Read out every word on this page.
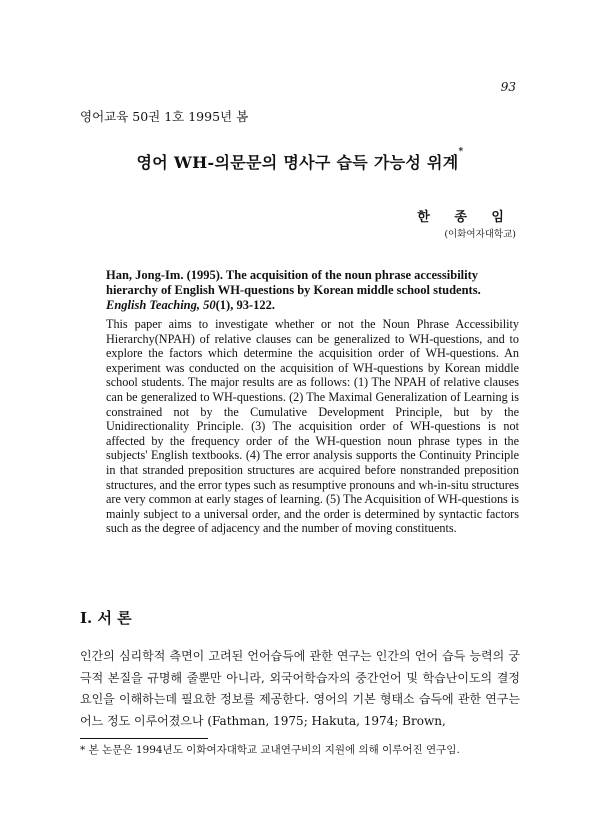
93
영어교육 50권 1호 1995년 봄
영어 WH-의문문의 명사구 습득 가능성 위계*
한 종 임
(이화여자대학교)
Han, Jong-Im. (1995). The acquisition of the noun phrase accessibility hierarchy of English WH-questions by Korean middle school students. English Teaching, 50(1), 93-122.
This paper aims to investigate whether or not the Noun Phrase Accessibility Hierarchy(NPAH) of relative clauses can be generalized to WH-questions, and to explore the factors which determine the acquisition order of WH-questions. An experiment was conducted on the acquisition of WH-questions by Korean middle school students. The major results are as follows: (1) The NPAH of relative clauses can be generalized to WH-questions. (2) The Maximal Generalization of Learning is constrained not by the Cumulative Development Principle, but by the Unidirectionality Principle. (3) The acquisition order of WH-questions is not affected by the frequency order of the WH-question noun phrase types in the subjects' English textbooks. (4) The error analysis supports the Continuity Principle in that stranded preposition structures are acquired before nonstranded preposition structures, and the error types such as resumptive pronouns and wh-in-situ structures are very common at early stages of learning. (5) The Acquisition of WH-questions is mainly subject to a universal order, and the order is determined by syntactic factors such as the degree of adjacency and the number of moving constituents.
I. 서 론
인간의 심리학적 측면이 고려된 언어습득에 관한 연구는 인간의 언어 습득 능력의 궁극적 본질을 규명해 줄뿐만 아니라, 외국어학습자의 중간언어 및 학습난이도의 결정요인을 이해하는데 필요한 정보를 제공한다. 영어의 기본 형태소 습득에 관한 연구는 어느 정도 이루어졌으나 (Fathman, 1975; Hakuta, 1974; Brown,
* 본 논문은 1994년도 이화여자대학교 교내연구비의 지원에 의해 이루어진 연구임.
